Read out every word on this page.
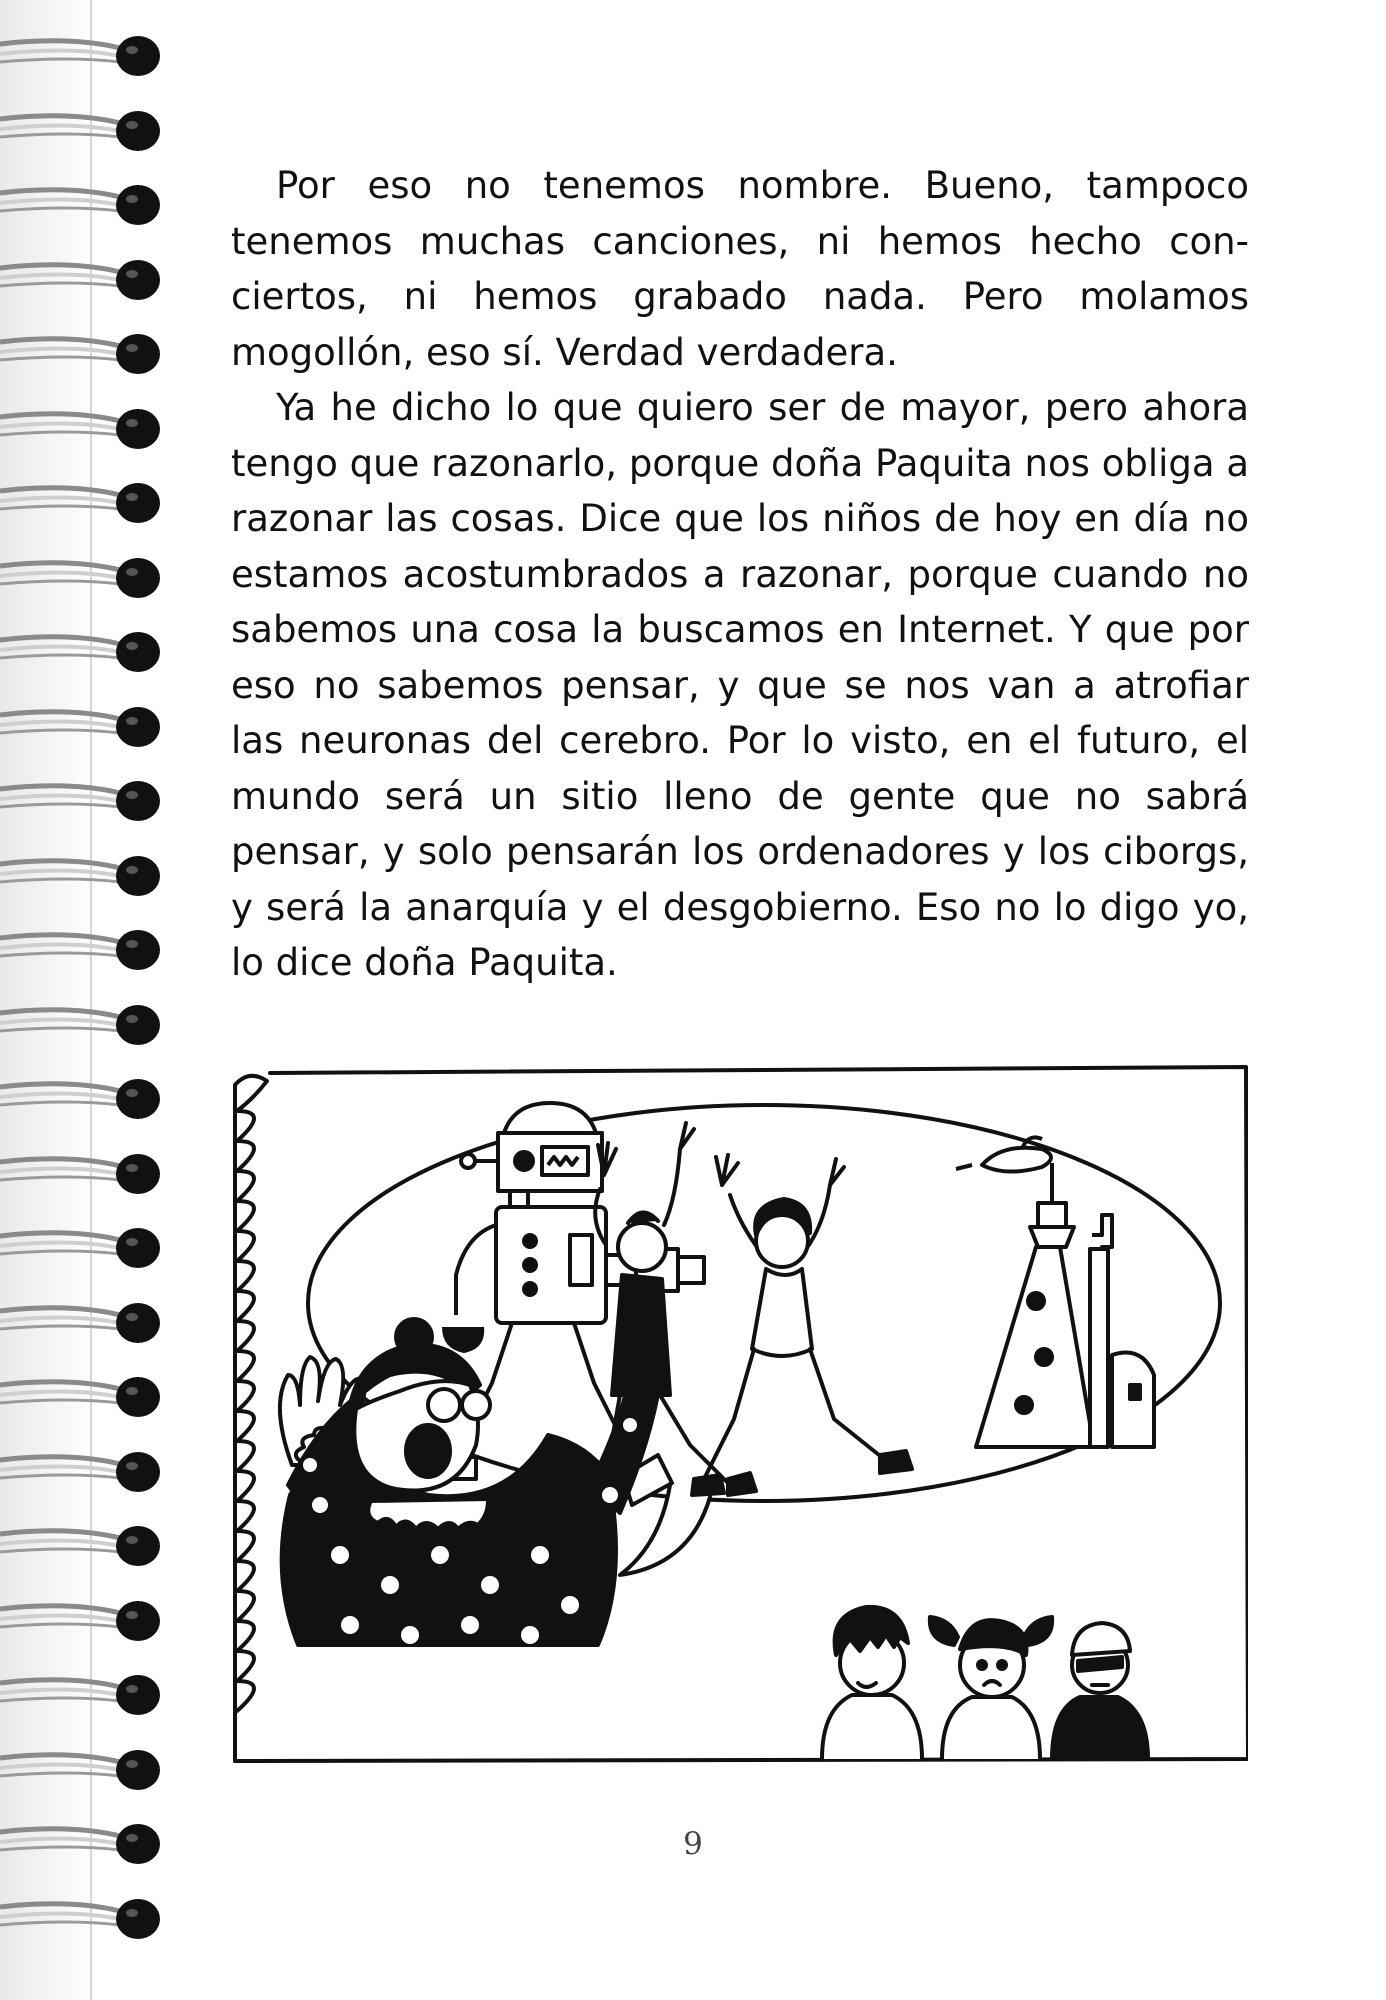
Por eso no tenemos nombre. Bueno, tampoco tenemos muchas canciones, ni hemos hecho conciertos, ni hemos grabado nada. Pero molamos mogollón, eso sí. Verdad verdadera.

Ya he dicho lo que quiero ser de mayor, pero ahora tengo que razonarlo, porque doña Paquita nos obliga a razonar las cosas. Dice que los niños de hoy en día no estamos acostumbrados a razonar, porque cuando no sabemos una cosa la buscamos en Internet. Y que por eso no sabemos pensar, y que se nos van a atrofiar las neuronas del cerebro. Por lo visto, en el futuro, el mundo será un sitio lleno de gente que no sabrá pensar, y solo pensarán los ordenadores y los ciborgs, y será la anarquía y el desgobierno. Eso no lo digo yo, lo dice doña Paquita.

9
